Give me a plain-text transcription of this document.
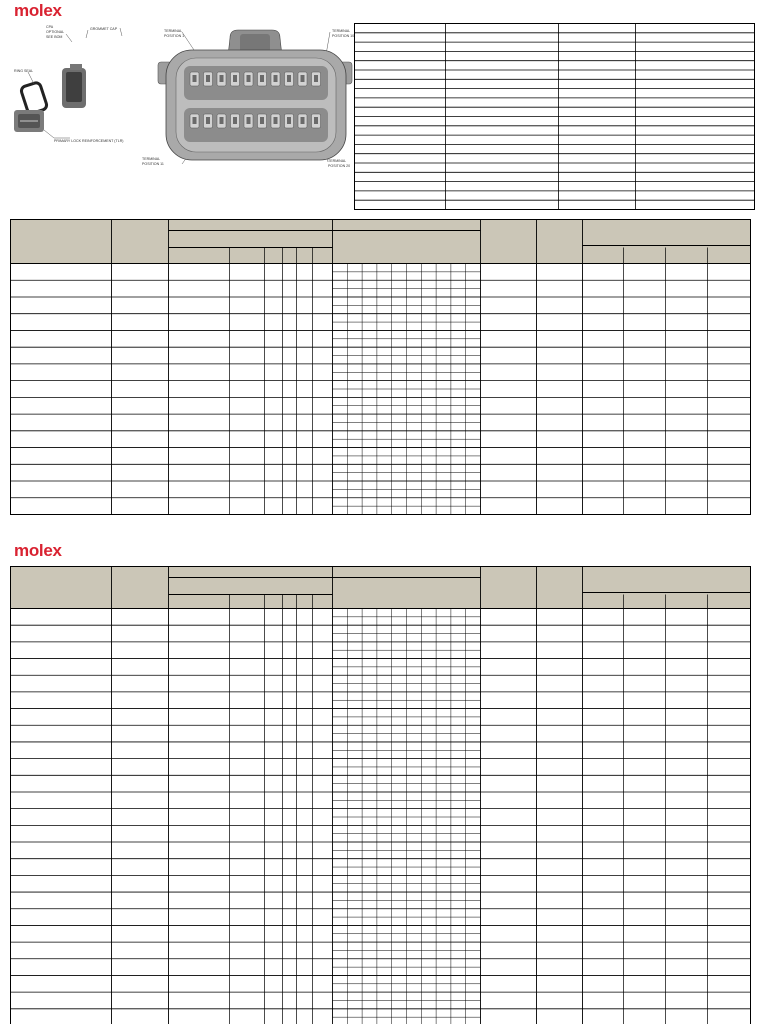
molex
CPA
OPTIONAL
SEE BOM
GROMMET CAP
RING SEAL
PRIMARY LOCK REINFORCEMENT (TLR)
TERMINAL
POSITION 1
TERMINAL
POSITION 10
TERMINAL
POSITION 11
TERMINAL
POSITION 20
molex
